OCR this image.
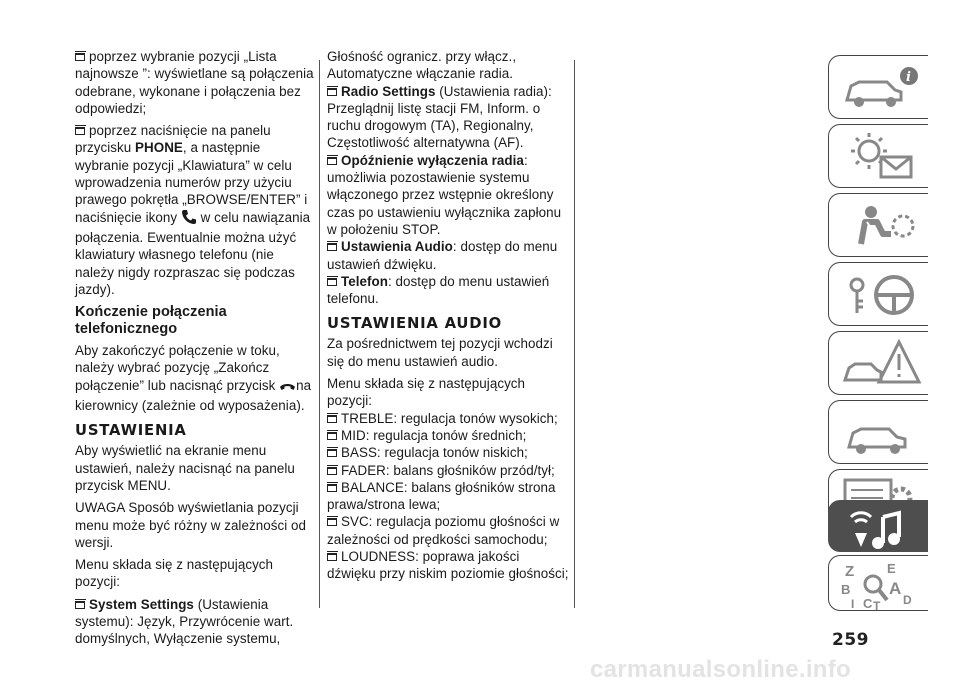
poprzez wybranie pozycji „Lista najnowsze ”: wyświetlane są połączenia odebrane, wykonane i połączenia bez odpowiedzi;

poprzez naciśnięcie na panelu przycisku PHONE, a następnie wybranie pozycji „Klawiatura” w celu wprowadzenia numerów przy użyciu prawego pokrętła „BROWSE/ENTER” i naciśnięcie ikony  w celu nawiązania połączenia. Ewentualnie można użyć klawiatury własnego telefonu (nie należy nigdy rozpraszac się podczas jazdy).

Kończenie połączenia telefonicznego

Aby zakończyć połączenie w toku, należy wybrać pozycję „Zakończ połączenie” lub nacisnąć przycisk na kierownicy (zależnie od wyposażenia).

USTAWIENIA

Aby wyświetlić na ekranie menu ustawień, należy nacisnąć na panelu przycisk MENU.

UWAGA Sposób wyświetlania pozycji menu może być różny w zależności od wersji.

Menu składa się z następujących pozycji:

System Settings (Ustawienia systemu): Język, Przywrócenie wart. domyślnych, Wyłączenie systemu,

Głośność ogranicz. przy włącz., Automatyczne włączanie radia.

Radio Settings (Ustawienia radia): Przeglądnij listę stacji FM, Inform. o ruchu drogowym (TA), Regionalny, Częstotliwość alternatywna (AF).

Opóźnienie wyłączenia radia: umożliwia pozostawienie systemu włączonego przez wstępnie określony czas po ustawieniu wyłącznika zapłonu w położeniu STOP.

Ustawienia Audio: dostęp do menu ustawień dźwięku.

Telefon: dostęp do menu ustawień telefonu.

USTAWIENIA AUDIO

Za pośrednictwem tej pozycji wchodzi się do menu ustawień audio.

Menu składa się z następujących pozycji:

TREBLE: regulacja tonów wysokich;

MID: regulacja tonów średnich;

BASS: regulacja tonów niskich;

FADER: balans głośników przód/tył;

BALANCE: balans głośników strona prawa/strona lewa;

SVC: regulacja poziomu głośności w zależności od prędkości samochodu;

LOUDNESS: poprawa jakości dźwięku przy niskim poziomie głośności;

i
Z	E
B A
C	D
I T
259
carmanualsonline.info
